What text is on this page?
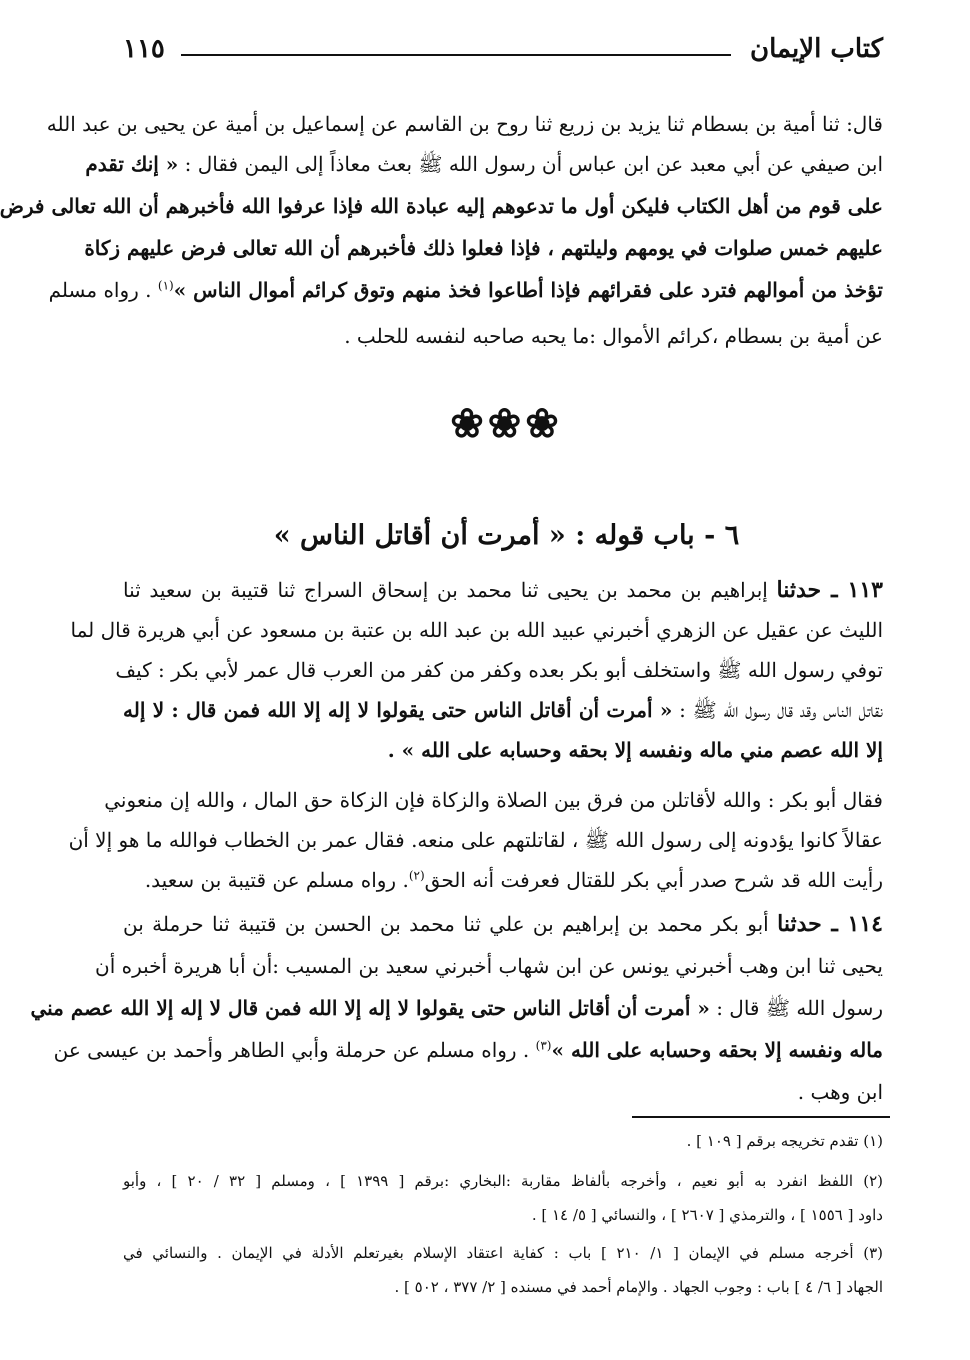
كتاب الإيمان
١١٥
قال: ثنا أمية بن بسطام ثنا يزيد بن زريع ثنا روح بن القاسم عن إسماعيل بن أمية عن يحيى بن عبد الله
ابن صيفي عن أبي معبد عن ابن عباس أن رسول الله ﷺ بعث معاذاً إلى اليمن فقال : « إنك تقدم
على قوم من أهل الكتاب فليكن أول ما تدعوهم إليه عبادة الله فإذا عرفوا الله فأخبرهم أن الله تعالى فرض
عليهم خمس صلوات في يومهم وليلتهم ، فإذا فعلوا ذلك فأخبرهم أن الله تعالى فرض عليهم زكاة
تؤخذ من أموالهم فترد على فقرائهم فإذا أطاعوا فخذ منهم وتوق كرائم أموال الناس »$^{(١)}$ . رواه مسلم
عن أمية بن بسطام ،كرائم الأموال :ما يحبه صاحبه لنفسه للحلب .
❀❀❀
٦ - باب قوله : « أمرت أن أقاتل الناس »
١١٣ ـ حدثنا إبراهيم بن محمد بن يحيى ثنا محمد بن إسحاق السراج ثنا قتيبة بن سعيد ثنا
الليث عن عقيل عن الزهري أخبرني عبيد الله بن عبد الله بن عتبة بن مسعود عن أبي هريرة قال لما
توفي رسول الله ﷺ واستخلف أبو بكر بعده وكفر من كفر من العرب قال عمر لأبي بكر : كيف
نقاتل الناس وقد قال رسول الله ﷺ : « أمرت أن أقاتل الناس حتى يقولوا لا إله إلا الله فمن قال : لا إله
إلا الله عصم مني ماله ونفسه إلا بحقه وحسابه على الله » .
فقال أبو بكر : والله لأقاتلن من فرق بين الصلاة والزكاة فإن الزكاة حق المال ، والله إن منعوني
عقالاً كانوا يؤدونه إلى رسول الله ﷺ ، لقاتلتهم على منعه. فقال عمر بن الخطاب فوالله ما هو إلا أن
رأيت الله قد شرح صدر أبي بكر للقتال فعرفت أنه الحق$^{(٢)}$. رواه مسلم عن قتيبة بن سعيد.
١١٤ ـ حدثنا أبو بكر محمد بن إبراهيم بن علي ثنا محمد بن الحسن بن قتيبة ثنا حرملة بن
يحيى ثنا ابن وهب أخبرني يونس عن ابن شهاب أخبرني سعيد بن المسيب :أن أبا هريرة أخبره أن
رسول الله ﷺ قال : « أمرت أن أقاتل الناس حتى يقولوا لا إله إلا الله فمن قال لا إله إلا الله عصم مني
ماله ونفسه إلا بحقه وحسابه على الله »$^{(٣)}$ . رواه مسلم عن حرملة وأبي الطاهر وأحمد بن عيسى عن
ابن وهب .
(١) تقدم تخريجه برقم [ ١٠٩ ] .
(٢) اللفظ انفرد به أبو نعيم ، وأخرجه بألفاظ مقاربة :البخاري :برقم [ ١٣٩٩ ] ، ومسلم [ ٣٢ / ٢٠ ] ، وأبو
داود [ ١٥٥٦ ] ، والترمذي [ ٢٦٠٧ ] ، والنسائي [ ٥/ ١٤ ] .
(٣) أخرجه مسلم في الإيمان [ ١/ ٢١٠ ] باب : كفاية اعتقاد الإسلام بغيرتعلم الأدلة في الإيمان . والنسائي في
الجهاد [ ٦/ ٤ ] باب : وجوب الجهاد . والإمام أحمد في مسنده [ ٢/ ٣٧٧ ، ٥٠٢ ] .
